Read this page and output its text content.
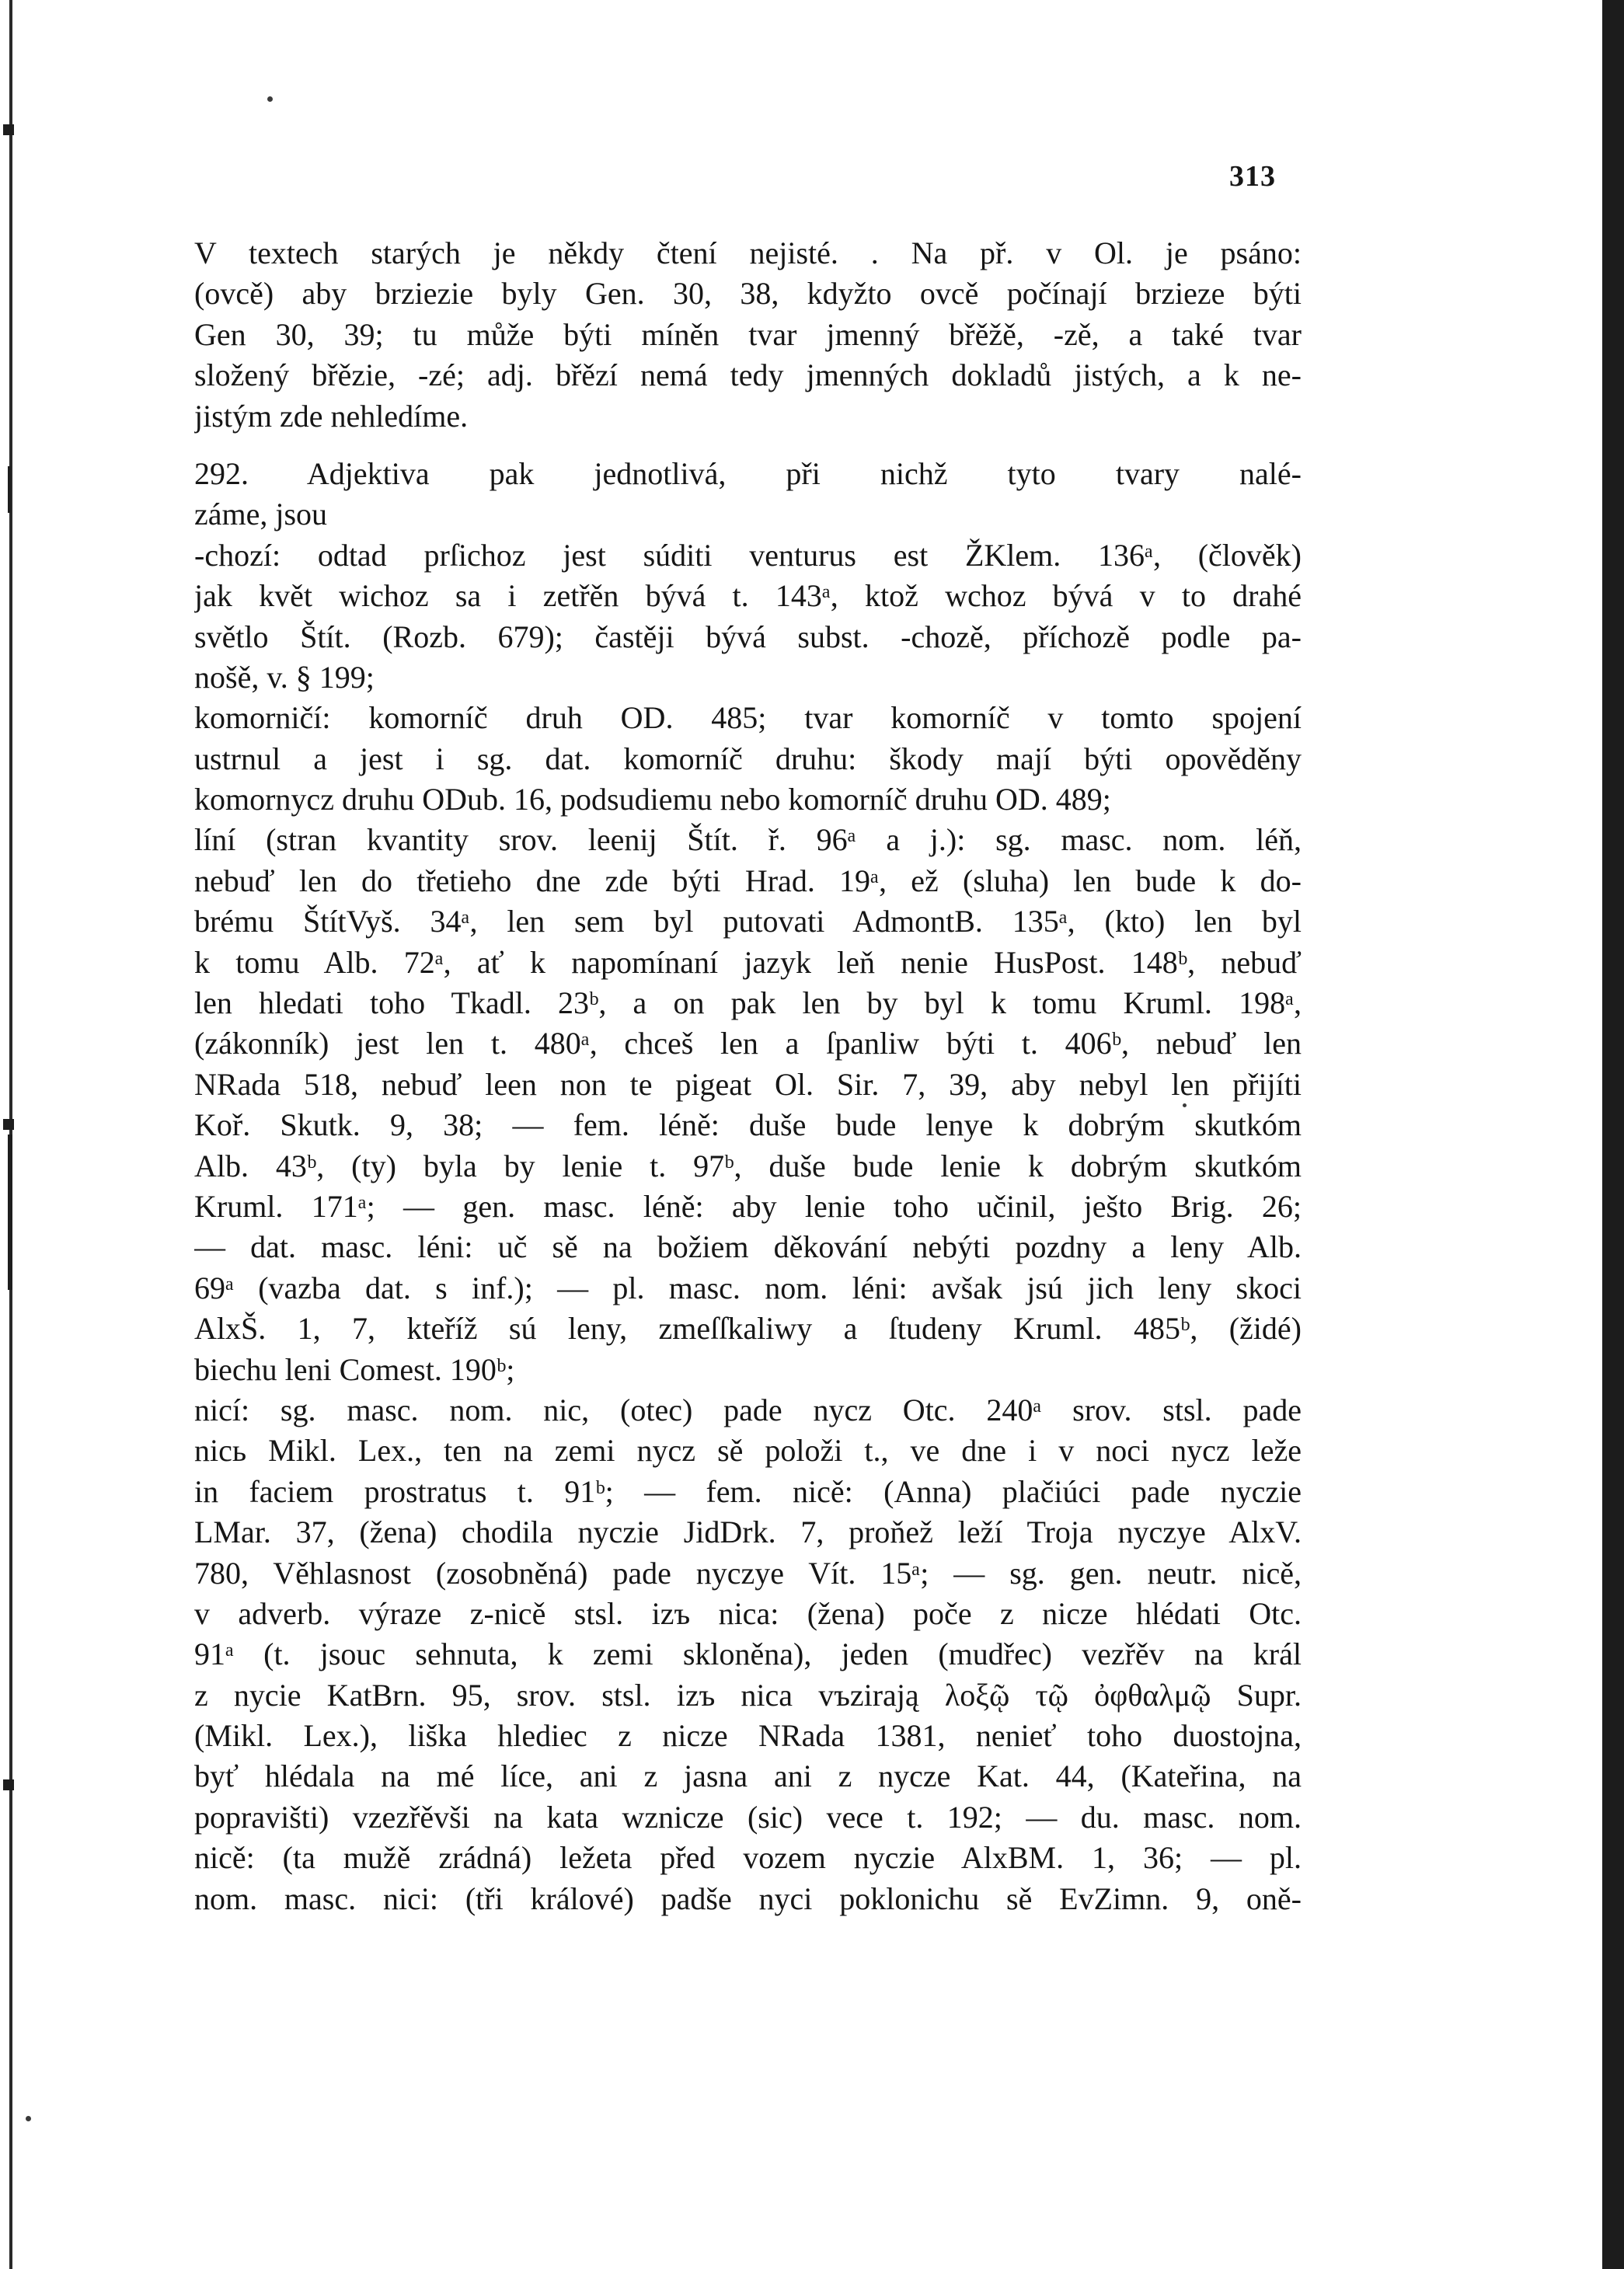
313
V textech starých je někdy čtení nejisté. . Na př. v Ol. je psáno:
(ovcě) aby brziezie byly Gen. 30, 38, kdyžto ovcě počínají brzieze býti
Gen 30, 39; tu může býti míněn tvar jmenný břěžě, -zě, a také tvar
složený břězie, -zé; adj. břězí nemá tedy jmenných dokladů jistých, a k ne-
jistým zde nehledíme.
292. Adjektiva pak jednotlivá, při nichž tyto tvary nalé-
záme, jsou
-chozí: odtad prſichoz jest súditi venturus est ŽKlem. 136ᵃ, (člověk)
jak květ wichoz sa i zetřěn bývá t. 143ᵃ, ktož wchoz bývá v to drahé
světlo Štít. (Rozb. 679); častěji bývá subst. -chozě, příchozě podle pa-
nošě, v. § 199;
komorničí: komorníč druh OD. 485; tvar komorníč v tomto spojení
ustrnul a jest i sg. dat. komorníč druhu: škody mají býti opověděny
komornycz druhu ODub. 16, podsudiemu nebo komorníč druhu OD. 489;
líní (stran kvantity srov. leenij Štít. ř. 96ᵃ a j.): sg. masc. nom. léň,
nebuď len do třetieho dne zde býti Hrad. 19ᵃ, ež (sluha) len bude k do-
brému ŠtítVyš. 34ᵃ, len sem byl putovati AdmontB. 135ᵃ, (kto) len byl
k tomu Alb. 72ᵃ, ať k napomínaní jazyk leň nenie HusPost. 148ᵇ, nebuď
len hledati toho Tkadl. 23ᵇ, a on pak len by byl k tomu Kruml. 198ᵃ,
(zákonník) jest len t. 480ᵃ, chceš len a ſpanliw býti t. 406ᵇ, nebuď len
NRada 518, nebuď leen non te pigeat Ol. Sir. 7, 39, aby nebyl len přijíti
Koř. Skutk. 9, 38; — fem. léně: duše bude lenye k dobrým skutkóm
Alb. 43ᵇ, (ty) byla by lenie t. 97ᵇ, duše bude lenie k dobrým skutkóm
Kruml. 171ᵃ; — gen. masc. léně: aby lenie toho učinil, ješto Brig. 26;
— dat. masc. léni: uč sě na božiem děkování nebýti pozdny a leny Alb.
69ᵃ (vazba dat. s inf.); — pl. masc. nom. léni: avšak jsú jich leny skoci
AlxŠ. 1, 7, kteříž sú leny, zmeſſkaliwy a ſtudeny Kruml. 485ᵇ, (židé)
biechu leni Comest. 190ᵇ;
nicí: sg. masc. nom. nic, (otec) pade nycz Otc. 240ᵃ srov. stsl. pade
nicь Mikl. Lex., ten na zemi nycz sě položi t., ve dne i v noci nycz leže
in faciem prostratus t. 91ᵇ; — fem. nicě: (Anna) plačiúci pade nyczie
LMar. 37, (žena) chodila nyczie JidDrk. 7, proňež leží Troja nyczye AlxV.
780, Věhlasnost (zosobněná) pade nyczye Vít. 15ᵃ; — sg. gen. neutr. nicě,
v adverb. výraze z-nicě stsl. izъ nica: (žena) poče z nicze hlédati Otc.
91ᵃ (t. jsouc sehnuta, k zemi skloněna), jeden (mudřec) vezřěv na král
z nycie KatBrn. 95, srov. stsl. izъ nica vъzirają λοξῷ τῷ ὀφθαλμῷ Supr.
(Mikl. Lex.), liška hlediec z nicze NRada 1381, nenieť toho duostojna,
byť hlédala na mé líce, ani z jasna ani z nycze Kat. 44, (Kateřina, na
popravišti) vzezřěvši na kata wznicze (sic) vece t. 192; — du. masc. nom.
nicě: (ta mužě zrádná) ležeta před vozem nyczie AlxBM. 1, 36; — pl.
nom. masc. nici: (tři králové) padše nyci poklonichu sě EvZimn. 9, oně-
